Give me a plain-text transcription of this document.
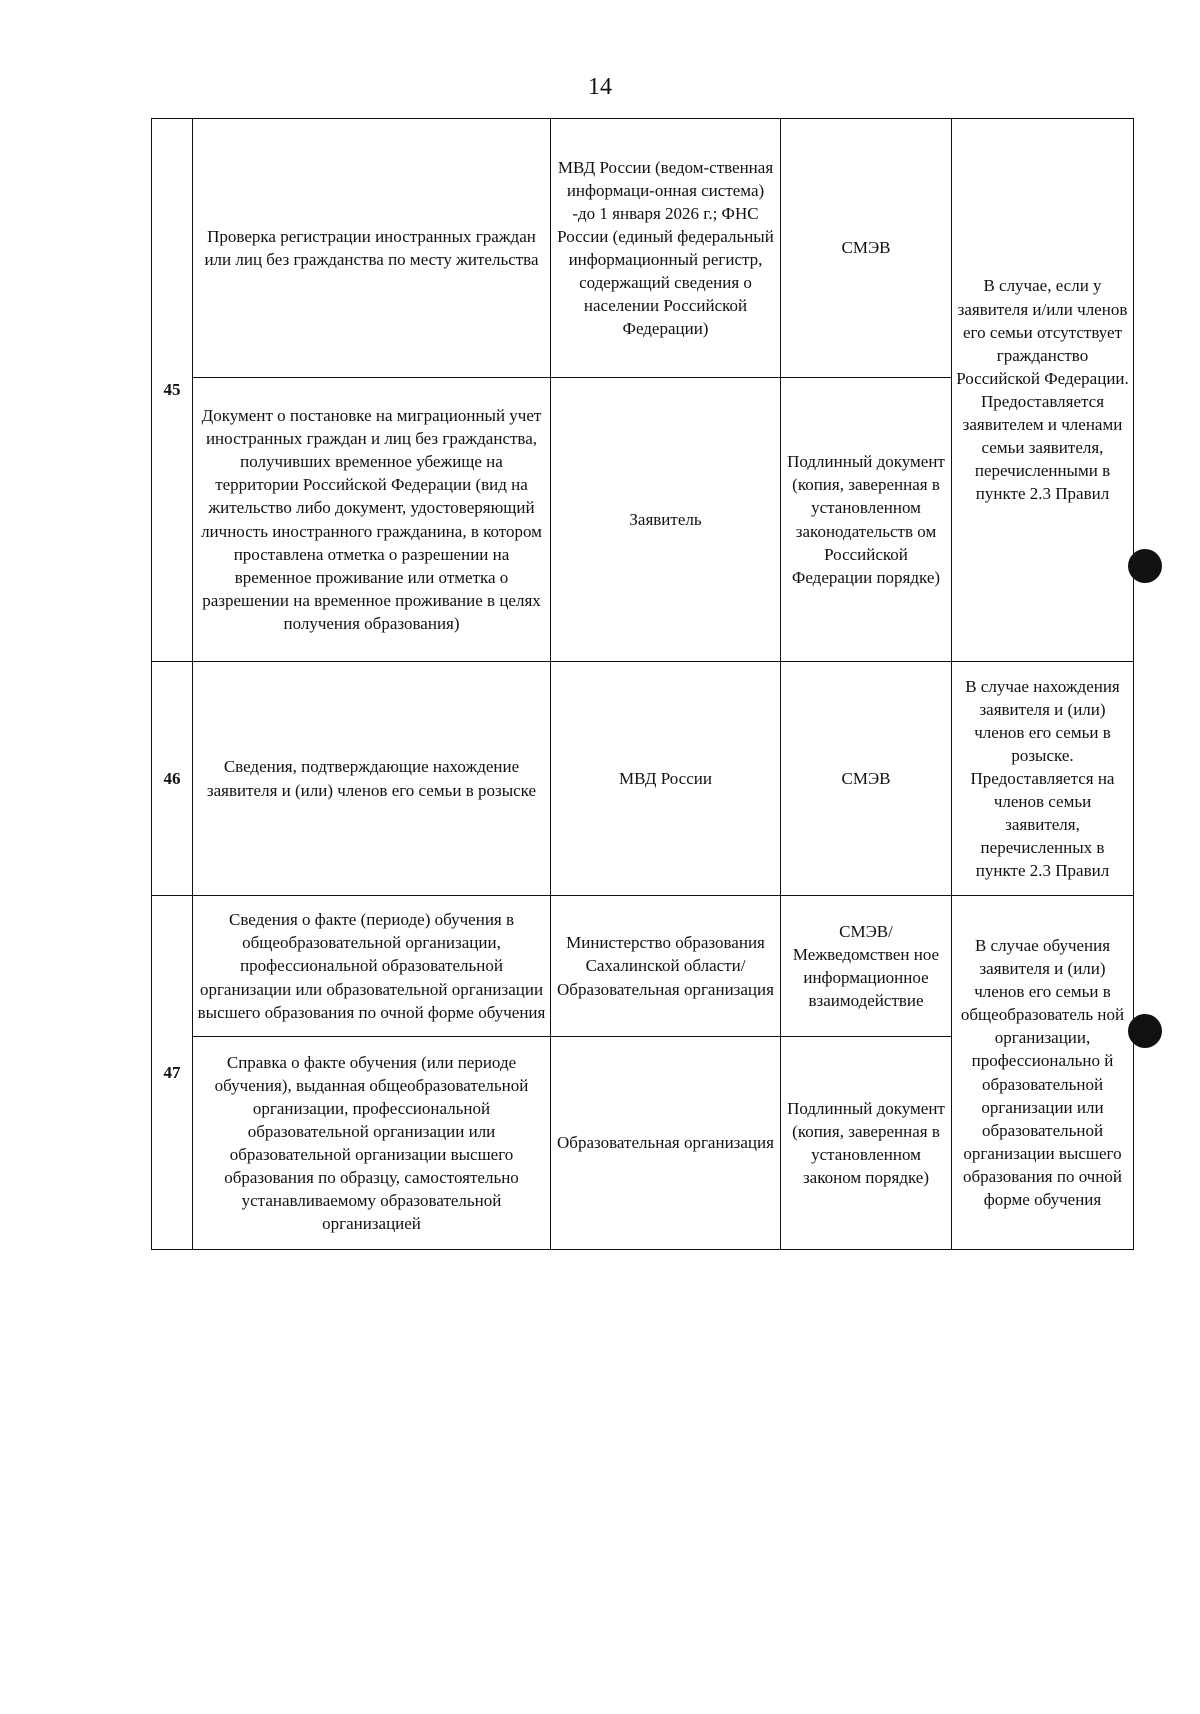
14
45	Проверка регистрации иностранных граждан или лиц без гражданства по месту жительства	МВД России (ведом-ственная информаци-онная система) -до 1 января 2026 г.; ФНС России (единый федеральный информационный регистр, содержащий сведения о населении Российской Федерации)	СМЭВ	В случае, если у заявителя и/или членов его семьи отсутствует гражданство Российской Федерации. Предоставляется заявителем и членами семьи заявителя, перечисленными в пункте 2.3 Правил
	Документ о постановке на миграционный учет иностранных граждан и лиц без гражданства, получивших временное убежище на территории Российской Федерации (вид на жительство либо документ, удостоверяющий личность иностранного гражданина, в котором проставлена отметка о разрешении на временное проживание или отметка о разрешении на временное проживание в целях получения образования)	Заявитель	Подлинный документ (копия, заверенная в установленном законодательств ом Российской Федерации порядке)	
46	Сведения, подтверждающие нахождение заявителя и (или) членов его семьи в розыске	МВД России	СМЭВ	В случае нахождения заявителя и (или) членов его семьи в розыске. Предоставляется на членов семьи заявителя, перечисленных в пункте 2.3 Правил
47	Сведения о факте (периоде) обучения в общеобразовательной организации, профессиональной образовательной организации или образовательной организации высшего образования по очной форме обучения	Министерство образования Сахалинской области/ Образовательная организация	СМЭВ/ Межведомствен ное информационное взаимодействие	В случае обучения заявителя и (или) членов его семьи в общеобразователь ной организации, профессионально й образовательной организации или образовательной организации высшего образования по очной форме обучения
	Справка о факте обучения (или периоде обучения), выданная общеобразовательной организации, профессиональной образовательной организации или образовательной организации высшего образования по образцу, самостоятельно устанавливаемому образовательной организацией	Образовательная организация	Подлинный документ (копия, заверенная в установленном законом порядке)	
